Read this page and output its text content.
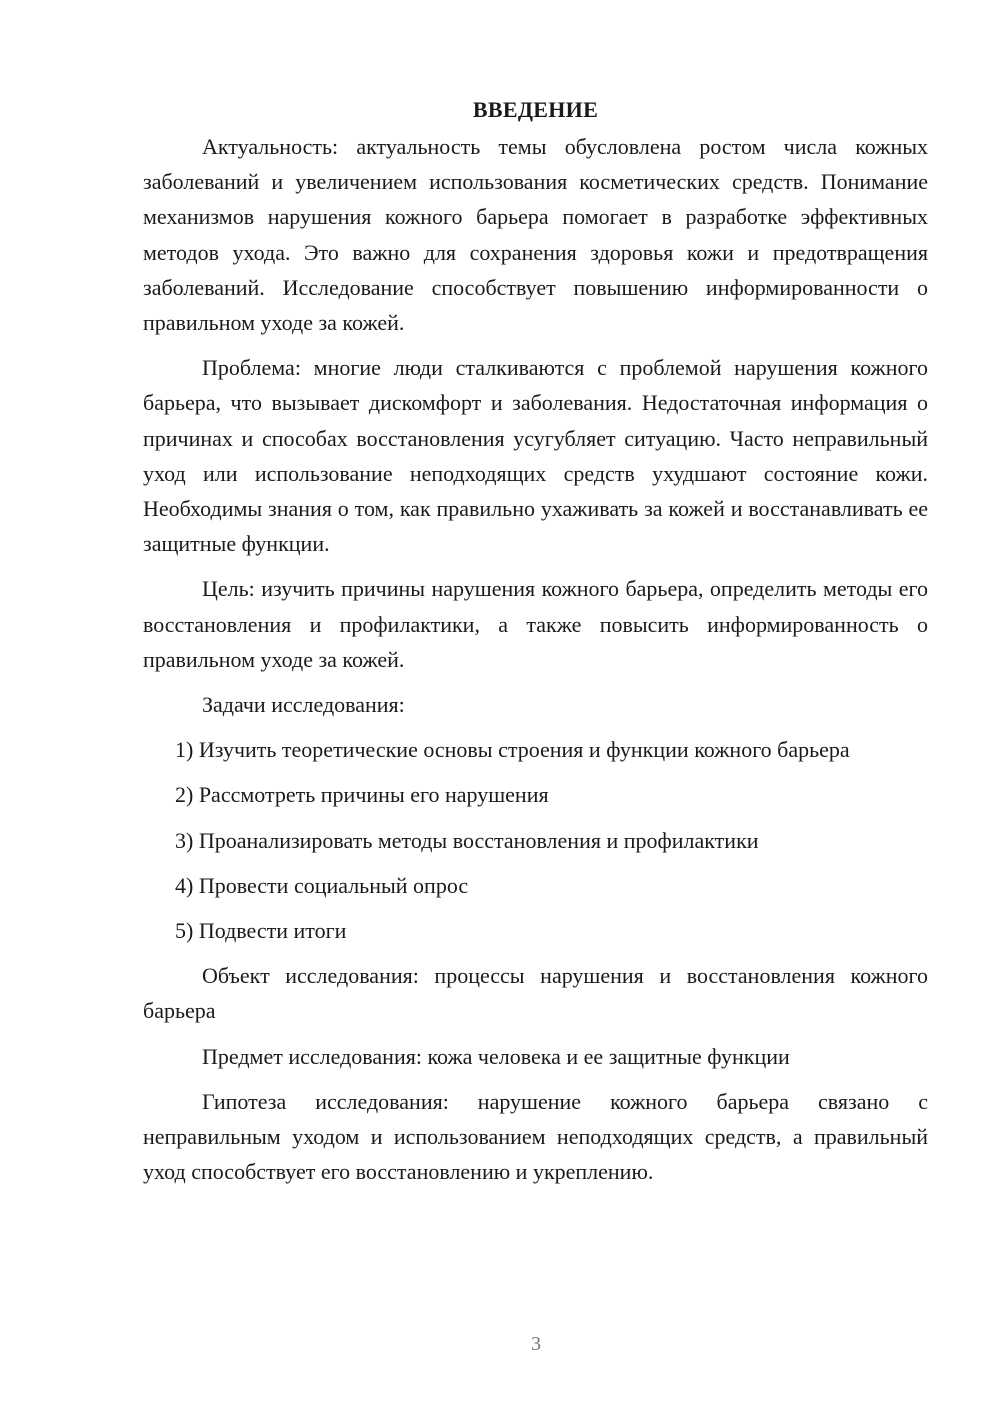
ВВЕДЕНИЕ

Актуальность: актуальность темы обусловлена ростом числа кожных заболеваний и увеличением использования косметических средств. Понимание механизмов нарушения кожного барьера помогает в разработке эффективных методов ухода. Это важно для сохранения здоровья кожи и предотвращения заболеваний. Исследование способствует повышению информированности о правильном уходе за кожей.

Проблема: многие люди сталкиваются с проблемой нарушения кожного барьера, что вызывает дискомфорт и заболевания. Недостаточная информация о причинах и способах восстановления усугубляет ситуацию. Часто неправильный уход или использование неподходящих средств ухудшают состояние кожи. Необходимы знания о том, как правильно ухаживать за кожей и восстанавливать ее защитные функции.

Цель: изучить причины нарушения кожного барьера, определить методы его восстановления и профилактики, а также повысить информированность о правильном уходе за кожей.

Задачи исследования:

1) Изучить теоретические основы строения и функции кожного барьера

2) Рассмотреть причины его нарушения

3) Проанализировать методы восстановления и профилактики

4) Провести социальный опрос

5) Подвести итоги

Объект исследования: процессы нарушения и восстановления кожного барьера

Предмет исследования: кожа человека и ее защитные функции

Гипотеза исследования: нарушение кожного барьера связано с неправильным уходом и использованием неподходящих средств, а правильный уход способствует его восстановлению и укреплению.

3
